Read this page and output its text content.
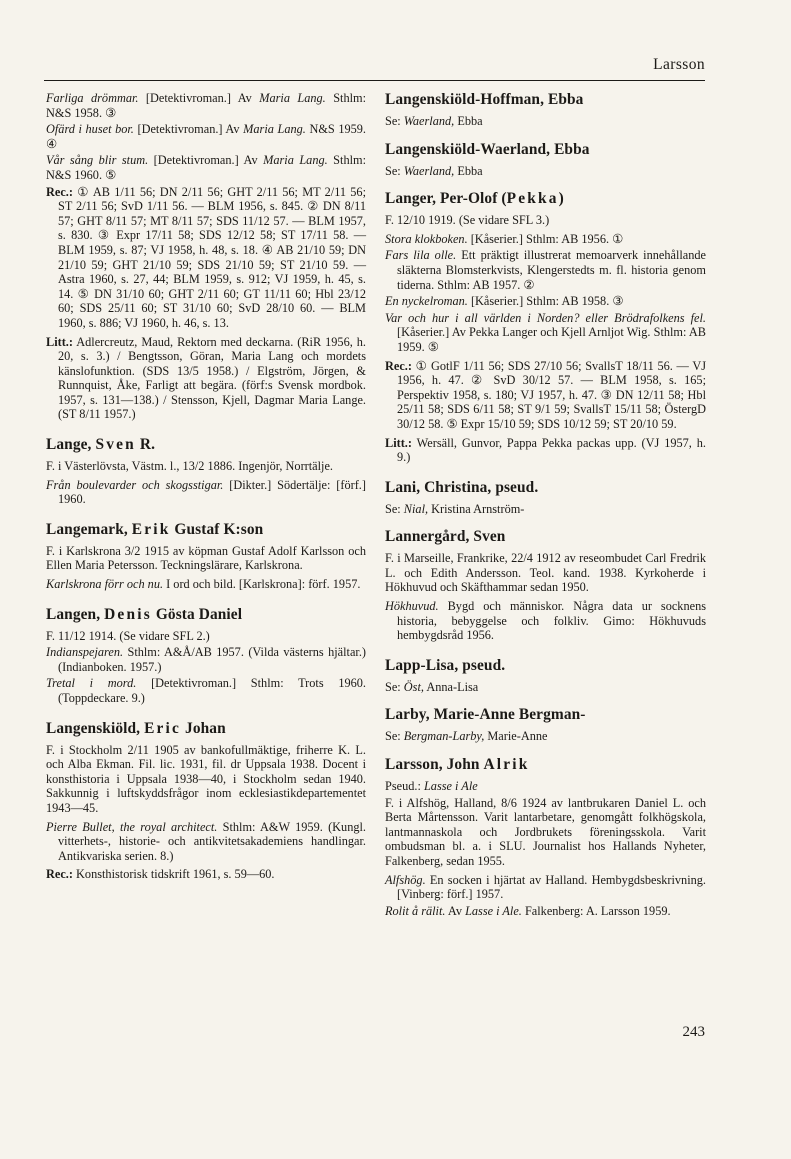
Larsson

Farliga drömmar. [Detektivroman.] Av Maria Lang. Sthlm: N&S 1958. ③

Ofärd i huset bor. [Detektivroman.] Av Maria Lang. N&S 1959. ④

Vår sång blir stum. [Detektivroman.] Av Maria Lang. Sthlm: N&S 1960. ⑤

Rec.: ① AB 1/11 56; DN 2/11 56; GHT 2/11 56; MT 2/11 56; ST 2/11 56; SvD 1/11 56. — BLM 1956, s. 845. ② DN 8/11 57; GHT 8/11 57; MT 8/11 57; SDS 11/12 57. — BLM 1957, s. 830. ③ Expr 17/11 58; SDS 12/12 58; ST 17/11 58. — BLM 1959, s. 87; VJ 1958, h. 48, s. 18. ④ AB 21/10 59; DN 21/10 59; GHT 21/10 59; SDS 21/10 59; ST 21/10 59. — Astra 1960, s. 27, 44; BLM 1959, s. 912; VJ 1959, h. 45, s. 14. ⑤ DN 31/10 60; GHT 2/11 60; GT 11/11 60; Hbl 23/12 60; SDS 25/11 60; ST 31/10 60; SvD 28/10 60. — BLM 1960, s. 886; VJ 1960, h. 46, s. 13.

Litt.: Adlercreutz, Maud, Rektorn med deckarna. (RiR 1956, h. 20, s. 3.) / Bengtsson, Göran, Maria Lang och mordets känslofunktion. (SDS 13/5 1958.) / Elgström, Jörgen, & Runnquist, Åke, Farligt att begära. (förf:s Svensk mordbok. 1957, s. 131—138.) / Stensson, Kjell, Dagmar Maria Lange. (ST 8/11 1957.)

Lange, Sven R.

F. i Västerlövsta, Västm. l., 13/2 1886. Ingenjör, Norrtälje.

Från boulevarder och skogsstigar. [Dikter.] Södertälje: [förf.] 1960.

Langemark, Erik Gustaf K:son

F. i Karlskrona 3/2 1915 av köpman Gustaf Adolf Karlsson och Ellen Maria Petersson. Teckningslärare, Karlskrona.

Karlskrona förr och nu. I ord och bild. [Karlskrona]: förf. 1957.

Langen, Denis Gösta Daniel

F. 11/12 1914. (Se vidare SFL 2.)

Indianspejaren. Sthlm: A&Å/AB 1957. (Vilda västerns hjältar.) (Indianboken. 1957.)

Tretal i mord. [Detektivroman.] Sthlm: Trots 1960. (Toppdeckare. 9.)

Langenskiöld, Eric Johan

F. i Stockholm 2/11 1905 av bankofullmäktige, friherre K. L. och Alba Ekman. Fil. lic. 1931, fil. dr Uppsala 1938. Docent i konsthistoria i Uppsala 1938—40, i Stockholm sedan 1940. Sakkunnig i luftskyddsfrågor inom ecklesiastikdepartementet 1943—45.

Pierre Bullet, the royal architect. Sthlm: A&W 1959. (Kungl. vitterhets-, historie- och antikvitetsakademiens handlingar. Antikvariska serien. 8.)

Rec.: Konsthistorisk tidskrift 1961, s. 59—60.

Langenskiöld-Hoffman, Ebba

Se: Waerland, Ebba

Langenskiöld-Waerland, Ebba

Se: Waerland, Ebba

Langer, Per-Olof (Pekka)

F. 12/10 1919. (Se vidare SFL 3.)

Stora klokboken. [Kåserier.] Sthlm: AB 1956. ①

Fars lila olle. Ett präktigt illustrerat memoarverk innehållande släkterna Blomsterkvists, Klengerstedts m. fl. historia genom tiderna. Sthlm: AB 1957. ②

En nyckelroman. [Kåserier.] Sthlm: AB 1958. ③

Var och hur i all världen i Norden? eller Brödrafolkens fel. [Kåserier.] Av Pekka Langer och Kjell Arnljot Wig. Sthlm: AB 1959. ⑤

Rec.: ① GotlF 1/11 56; SDS 27/10 56; SvallsT 18/11 56. — VJ 1956, h. 47. ② SvD 30/12 57. — BLM 1958, s. 165; Perspektiv 1958, s. 180; VJ 1957, h. 47. ③ DN 12/11 58; Hbl 25/11 58; SDS 6/11 58; ST 9/1 59; SvallsT 15/11 58; ÖstergD 30/12 58. ⑤ Expr 15/10 59; SDS 10/12 59; ST 20/10 59.

Litt.: Wersäll, Gunvor, Pappa Pekka packas upp. (VJ 1957, h. 9.)

Lani, Christina, pseud.

Se: Nial, Kristina Arnström-

Lannergård, Sven

F. i Marseille, Frankrike, 22/4 1912 av reseombudet Carl Fredrik L. och Edith Andersson. Teol. kand. 1938. Kyrkoherde i Hökhuvud och Skäfthammar sedan 1950.

Hökhuvud. Bygd och människor. Några data ur socknens historia, bebyggelse och folkliv. Gimo: Hökhuvuds hembygdsråd 1956.

Lapp-Lisa, pseud.

Se: Öst, Anna-Lisa

Larby, Marie-Anne Bergman-

Se: Bergman-Larby, Marie-Anne

Larsson, John Alrik

Pseud.: Lasse i Ale

F. i Alfshög, Halland, 8/6 1924 av lantbrukaren Daniel L. och Berta Mårtensson. Varit lantarbetare, genomgått folkhögskola, lantmannaskola och Jordbrukets föreningsskola. Varit ombudsman bl. a. i SLU. Journalist hos Hallands Nyheter, Falkenberg, sedan 1955.

Alfshög. En socken i hjärtat av Halland. Hembygdsbeskrivning. [Vinberg: förf.] 1957.

Rolit å rälit. Av Lasse i Ale. Falkenberg: A. Larsson 1959.

243
